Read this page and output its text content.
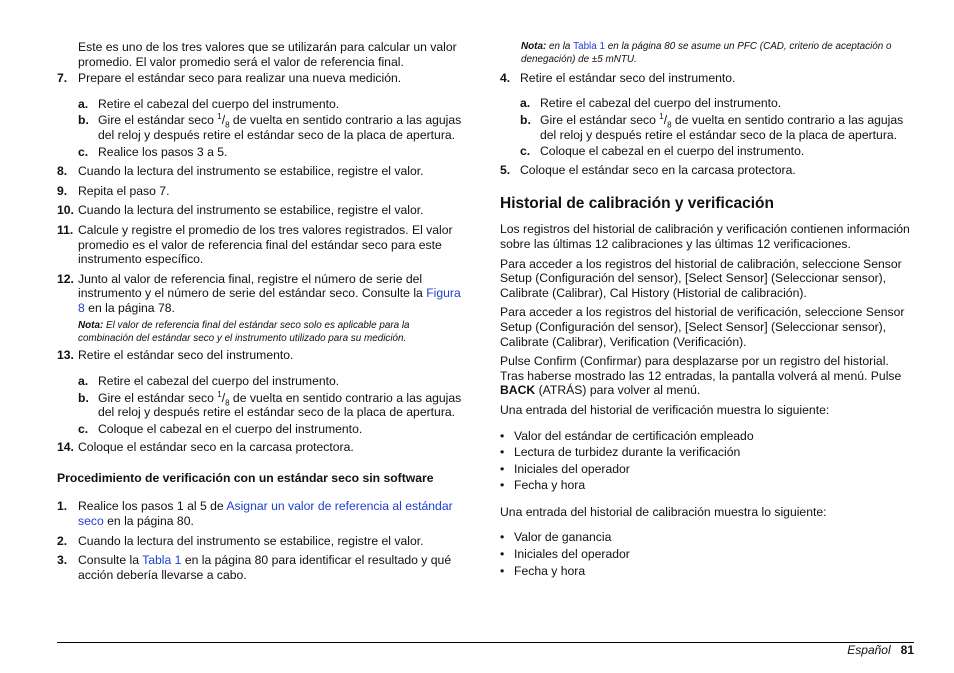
Este es uno de los tres valores que se utilizarán para calcular un valor promedio. El valor promedio será el valor de referencia final.

7. Prepare el estándar seco para realizar una nueva medición.
a. Retire el cabezal del cuerpo del instrumento.
b. Gire el estándar seco $^1/_8$ de vuelta en sentido contrario a las agujas del reloj y después retire el estándar seco de la placa de apertura.
c. Realice los pasos 3 a 5.
8. Cuando la lectura del instrumento se estabilice, registre el valor.
9. Repita el paso 7.
10. Cuando la lectura del instrumento se estabilice, registre el valor.
11. Calcule y registre el promedio de los tres valores registrados. El valor promedio es el valor de referencia final del estándar seco para este instrumento específico.
12. Junto al valor de referencia final, registre el número de serie del instrumento y el número de serie del estándar seco. Consulte la Figura 8 en la página 78.

Nota: El valor de referencia final del estándar seco solo es aplicable para la combinación del estándar seco y el instrumento utilizado para su medición.

13. Retire el estándar seco del instrumento.
a. Retire el cabezal del cuerpo del instrumento.
b. Gire el estándar seco $^1/_8$ de vuelta en sentido contrario a las agujas del reloj y después retire el estándar seco de la placa de apertura.
c. Coloque el cabezal en el cuerpo del instrumento.
14. Coloque el estándar seco en la carcasa protectora.

Procedimiento de verificación con un estándar seco sin software

1. Realice los pasos 1 al 5 de Asignar un valor de referencia al estándar seco en la página 80.
2. Cuando la lectura del instrumento se estabilice, registre el valor.
3. Consulte la Tabla 1 en la página 80 para identificar el resultado y qué acción debería llevarse a cabo.

Nota: en la Tabla 1 en la página 80 se asume un PFC (CAD, criterio de aceptación o denegación) de ±5 mNTU.

4. Retire el estándar seco del instrumento.
a. Retire el cabezal del cuerpo del instrumento.
b. Gire el estándar seco $^1/_8$ de vuelta en sentido contrario a las agujas del reloj y después retire el estándar seco de la placa de apertura.
c. Coloque el cabezal en el cuerpo del instrumento.
5. Coloque el estándar seco en la carcasa protectora.

Historial de calibración y verificación

Los registros del historial de calibración y verificación contienen información sobre las últimas 12 calibraciones y las últimas 12 verificaciones.

Para acceder a los registros del historial de calibración, seleccione Sensor Setup (Configuración del sensor), [Select Sensor] (Seleccionar sensor), Calibrate (Calibrar), Cal History (Historial de calibración).

Para acceder a los registros del historial de verificación, seleccione Sensor Setup (Configuración del sensor), [Select Sensor] (Seleccionar sensor), Calibrate (Calibrar), Verification (Verificación).

Pulse Confirm (Confirmar) para desplazarse por un registro del historial. Tras haberse mostrado las 12 entradas, la pantalla volverá al menú. Pulse BACK (ATRÁS) para volver al menú.

Una entrada del historial de verificación muestra lo siguiente:

• Valor del estándar de certificación empleado
• Lectura de turbidez durante la verificación
• Iniciales del operador
• Fecha y hora

Una entrada del historial de calibración muestra lo siguiente:

• Valor de ganancia
• Iniciales del operador
• Fecha y hora
Español 81
